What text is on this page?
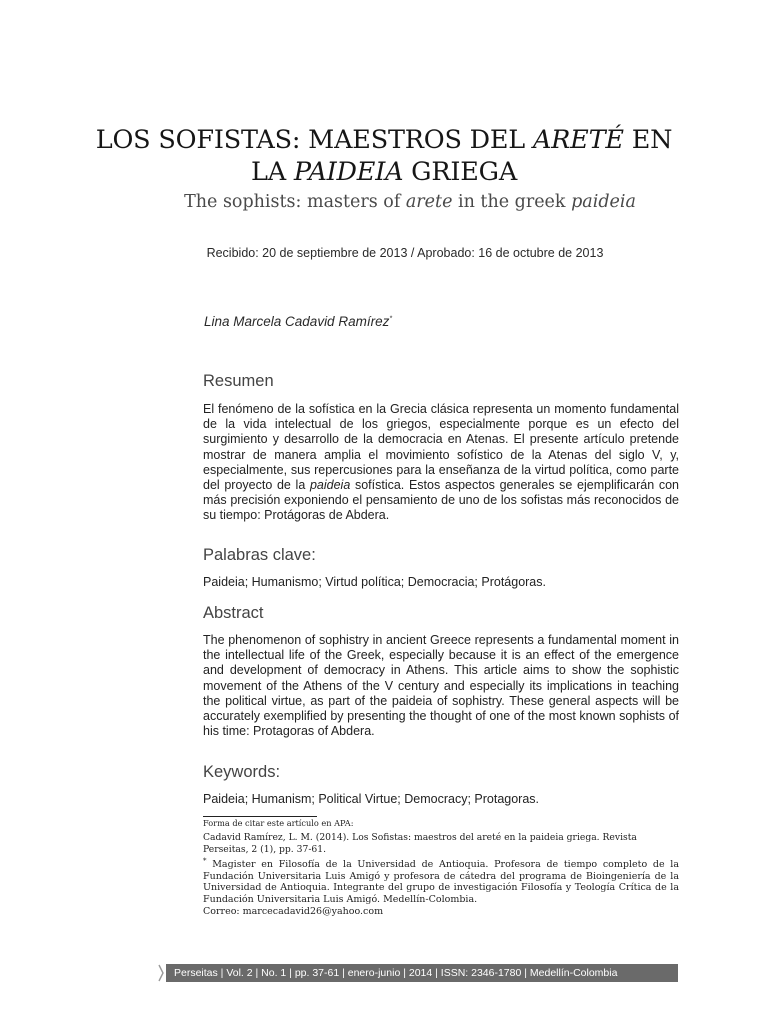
LOS SOFISTAS: MAESTROS DEL ARETÉ EN
LA PAIDEIA GRIEGA
The sophists: masters of arete in the greek paideia
Recibido: 20 de septiembre de 2013 / Aprobado: 16 de octubre de 2013
Lina Marcela Cadavid Ramírez*
Resumen
El fenómeno de la sofística en la Grecia clásica representa un momento fundamental de la vida intelectual de los griegos, especialmente porque es un efecto del surgimiento y desarrollo de la democracia en Atenas. El presente artículo pretende mostrar de manera amplia el movimiento sofístico de la Atenas del siglo V, y, especialmente, sus repercusiones para la enseñanza de la virtud política, como parte del proyecto de la paideia sofística. Estos aspectos generales se ejemplificarán con más precisión exponiendo el pensamiento de uno de los sofistas más reconocidos de su tiempo: Protágoras de Abdera.
Palabras clave:
Paideia; Humanismo; Virtud política; Democracia; Protágoras.
Abstract
The phenomenon of sophistry in ancient Greece represents a fundamental moment in the intellectual life of the Greek, especially because it is an effect of the emergence and development of democracy in Athens. This article aims to show the sophistic movement of the Athens of the V century and especially its implications in teaching the political virtue, as part of the paideia of sophistry. These general aspects will be accurately exemplified by presenting the thought of one of the most known sophists of his time: Protagoras of Abdera.
Keywords:
Paideia; Humanism; Political Virtue; Democracy; Protagoras.
Forma de citar este artículo en APA:
Cadavid Ramírez, L. M. (2014). Los Sofistas: maestros del areté en la paideia griega. Revista Perseitas, 2 (1), pp. 37-61.
* Magister en Filosofía de la Universidad de Antioquia. Profesora de tiempo completo de la Fundación Universitaria Luis Amigó y profesora de cátedra del programa de Bioingeniería de la Universidad de Antioquia. Integrante del grupo de investigación Filosofía y Teología Crítica de la Fundación Universitaria Luis Amigó. Medellín-Colombia.
Correo: marcecadavid26@yahoo.com
Perseitas | Vol. 2 | No. 1 | pp. 37-61 | enero-junio | 2014 | ISSN: 2346-1780 | Medellín-Colombia
